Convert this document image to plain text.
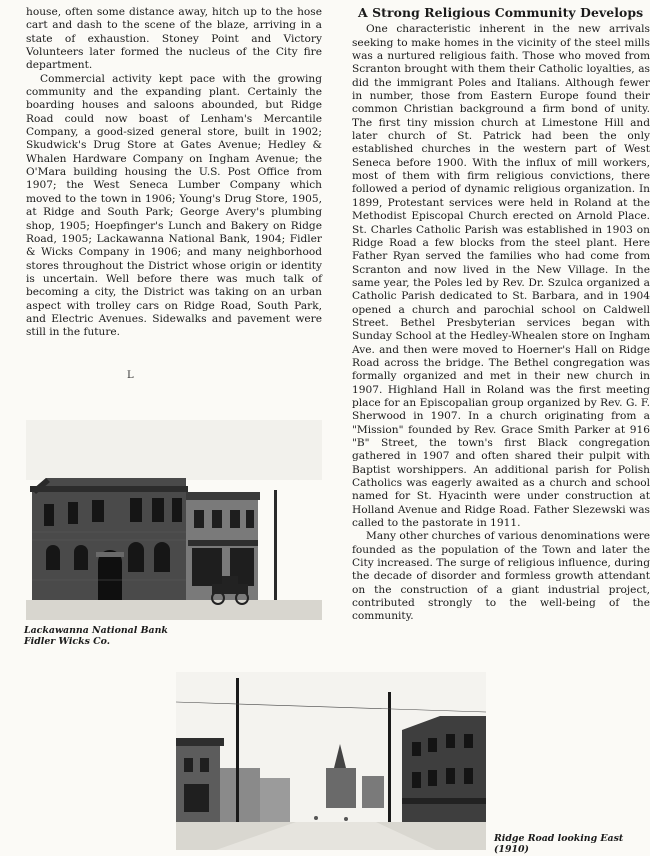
house, often some distance away, hitch up to the hose cart and dash to the scene of the blaze, arriving in a state of exhaustion. Stoney Point and Victory Volunteers later formed the nucleus of the City fire department.

Commercial activity kept pace with the growing community and the expanding plant. Certainly the boarding houses and saloons abounded, but Ridge Road could now boast of Lenham's Mercantile Company, a good-sized general store, built in 1902; Skudwick's Drug Store at Gates Avenue; Hedley & Whalen Hardware Company on Ingham Avenue; the O'Mara building housing the U.S. Post Office from 1907; the West Seneca Lumber Company which moved to the town in 1906; Young's Drug Store, 1905, at Ridge and South Park; George Avery's plumbing shop, 1905; Hoepfinger's Lunch and Bakery on Ridge Road, 1905; Lackawanna National Bank, 1904; Fidler & Wicks Company in 1906; and many neighborhood stores throughout the District whose origin or identity is uncertain. Well before there was much talk of becoming a city, the District was taking on an urban aspect with trolley cars on Ridge Road, South Park, and Electric Avenues. Sidewalks and pavement were still in the future.

L
A Strong Religious Community Develops

One characteristic inherent in the new arrivals seeking to make homes in the vicinity of the steel mills was a nurtured religious faith. Those who moved from Scranton brought with them their Catholic loyalties, as did the immigrant Poles and Italians. Although fewer in number, those from Eastern Europe found their common Christian background a firm bond of unity. The first tiny mission church at Limestone Hill and later church of St. Patrick had been the only established churches in the western part of West Seneca before 1900. With the influx of mill workers, most of them with firm religious convictions, there followed a period of dynamic religious organization. In 1899, Protestant services were held in Roland at the Methodist Episcopal Church erected on Arnold Place. St. Charles Catholic Parish was established in 1903 on Ridge Road a few blocks from the steel plant. Here Father Ryan served the families who had come from Scranton and now lived in the New Village. In the same year, the Poles led by Rev. Dr. Szulca organized a Catholic Parish dedicated to St. Barbara, and in 1904 opened a church and parochial school on Caldwell Street. Bethel Presbyterian services began with Sunday School at the Hedley-Whealen store on Ingham Ave. and then were moved to Hoerner's Hall on Ridge Road across the bridge. The Bethel congregation was formally organized and met in their new church in 1907. Highland Hall in Roland was the first meeting place for an Episcopalian group organized by Rev. G. F. Sherwood in 1907. In a church originating from a "Mission" founded by Rev. Grace Smith Parker at 916 "B" Street, the town's first Black congregation gathered in 1907 and often shared their pulpit with Baptist worshippers. An additional parish for Polish Catholics was eagerly awaited as a church and school named for St. Hyacinth were under construction at Holland Avenue and Ridge Road. Father Slezewski was called to the pastorate in 1911.

Many other churches of various denominations were founded as the population of the Town and later the City increased. The surge of religious influence, during the decade of disorder and formless growth attendant on the construction of a giant industrial project, contributed strongly to the well-being of the community.

Lackawanna National Bank
Fidler Wicks Co.
Ridge Road looking East (1910)
